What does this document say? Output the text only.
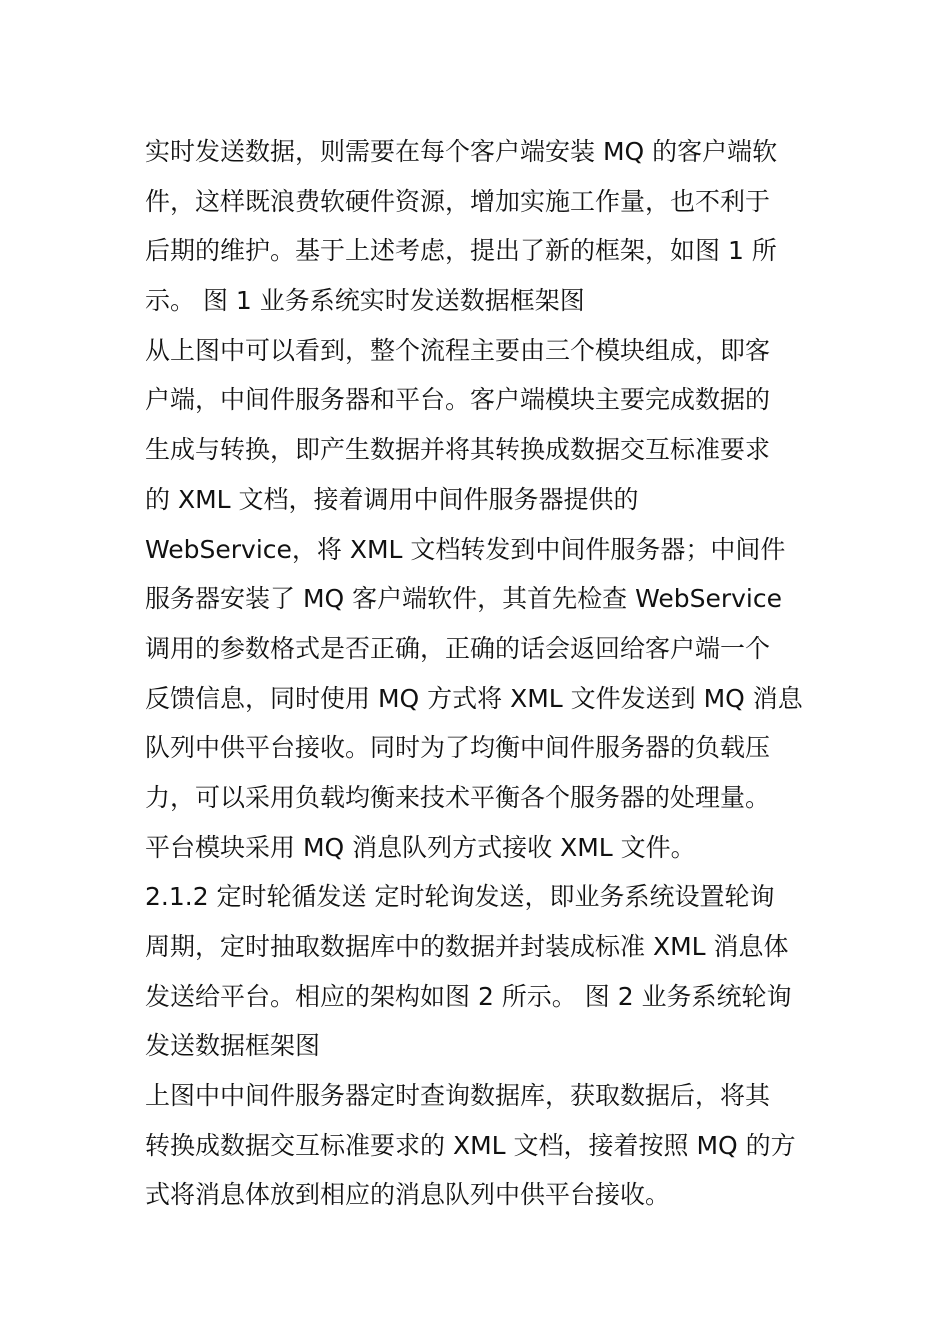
实时发送数据，则需要在每个客户端安装 MQ 的客户端软
件，这样既浪费软硬件资源，增加实施工作量，也不利于
后期的维护。基于上述考虑，提出了新的框架，如图 1 所
示。 图 1 业务系统实时发送数据框架图
从上图中可以看到，整个流程主要由三个模块组成，即客
户端，中间件服务器和平台。客户端模块主要完成数据的
生成与转换，即产生数据并将其转换成数据交互标准要求
的 XML 文档，接着调用中间件服务器提供的
WebService，将 XML 文档转发到中间件服务器；中间件
服务器安装了 MQ 客户端软件，其首先检查 WebService
调用的参数格式是否正确，正确的话会返回给客户端一个
反馈信息，同时使用 MQ 方式将 XML 文件发送到 MQ 消息
队列中供平台接收。同时为了均衡中间件服务器的负载压
力，可以采用负载均衡来技术平衡各个服务器的处理量。
平台模块采用 MQ 消息队列方式接收 XML 文件。
2.1.2 定时轮循发送 定时轮询发送，即业务系统设置轮询
周期，定时抽取数据库中的数据并封装成标准 XML 消息体
发送给平台。相应的架构如图 2 所示。 图 2 业务系统轮询
发送数据框架图
上图中中间件服务器定时查询数据库，获取数据后，将其
转换成数据交互标准要求的 XML 文档，接着按照 MQ 的方
式将消息体放到相应的消息队列中供平台接收。
